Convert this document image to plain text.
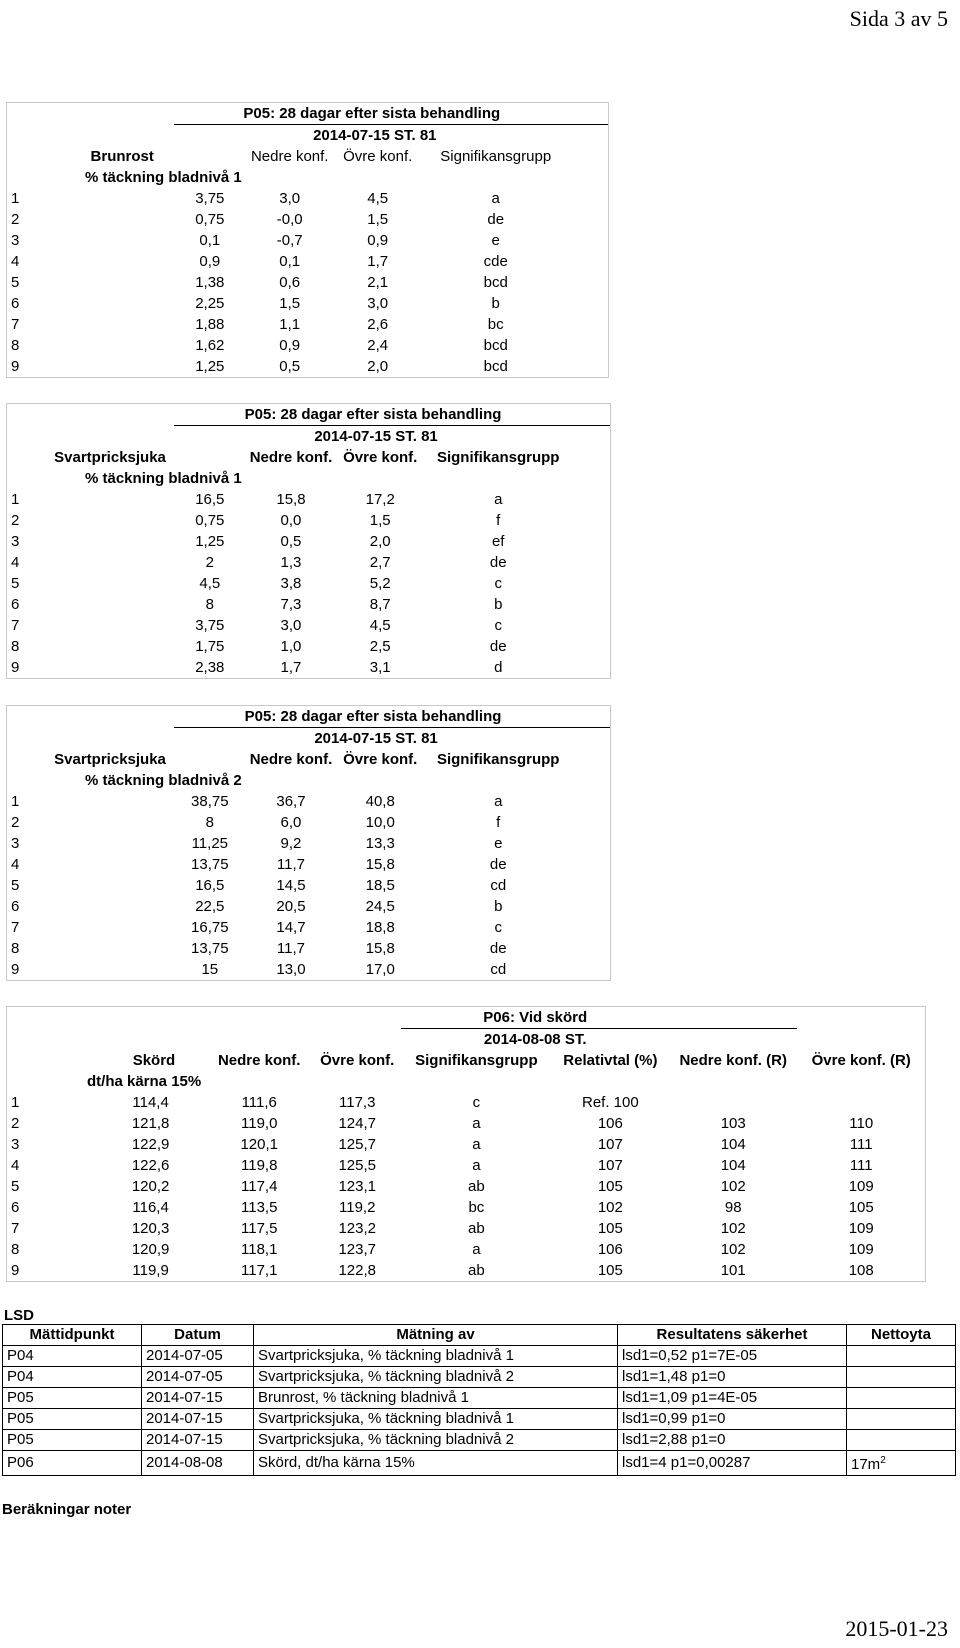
Sida 3 av 5
	P05: 28 dagar efter sista behandling				
	2014-07-15 ST. 81				
Brunrost		Nedre konf.	Övre konf.	Signifikansgrupp	
% täckning bladnivå 1					
1	3,75	3,0	4,5	a	
2	0,75	-0,0	1,5	de	
3	0,1	-0,7	0,9	e	
4	0,9	0,1	1,7	cde	
5	1,38	0,6	2,1	bcd	
6	2,25	1,5	3,0	b	
7	1,88	1,1	2,6	bc	
8	1,62	0,9	2,4	bcd	
9	1,25	0,5	2,0	bcd	
	P05: 28 dagar efter sista behandling				
	2014-07-15 ST. 81				
Svartpricksjuka		Nedre konf.	Övre konf.	Signifikansgrupp	
% täckning bladnivå 1					
1	16,5	15,8	17,2	a	
2	0,75	0,0	1,5	f	
3	1,25	0,5	2,0	ef	
4	2	1,3	2,7	de	
5	4,5	3,8	5,2	c	
6	8	7,3	8,7	b	
7	3,75	3,0	4,5	c	
8	1,75	1,0	2,5	de	
9	2,38	1,7	3,1	d	
	P05: 28 dagar efter sista behandling				
	2014-07-15 ST. 81				
Svartpricksjuka		Nedre konf.	Övre konf.	Signifikansgrupp	
% täckning bladnivå 2					
1	38,75	36,7	40,8	a	
2	8	6,0	10,0	f	
3	11,25	9,2	13,3	e	
4	13,75	11,7	15,8	de	
5	16,5	14,5	18,5	cd	
6	22,5	20,5	24,5	b	
7	16,75	14,7	18,8	c	
8	13,75	11,7	15,8	de	
9	15	13,0	17,0	cd	
				P06: Vid skörd			
				2014-08-08 ST.			
Skörd		Nedre konf.	Övre konf.	Signifikansgrupp	Relativtal (%)	Nedre konf. (R)	Övre konf. (R)
dt/ha kärna 15%							
1	114,4	111,6	117,3	c	Ref. 100		
2	121,8	119,0	124,7	a	106	103	110
3	122,9	120,1	125,7	a	107	104	111
4	122,6	119,8	125,5	a	107	104	111
5	120,2	117,4	123,1	ab	105	102	109
6	116,4	113,5	119,2	bc	102	98	105
7	120,3	117,5	123,2	ab	105	102	109
8	120,9	118,1	123,7	a	106	102	109
9	119,9	117,1	122,8	ab	105	101	108
LSD
Mättidpunkt	Datum	Mätning av	Resultatens säkerhet	Nettoyta
P04	2014-07-05	Svartpricksjuka, % täckning bladnivå 1	lsd1=0,52 p1=7E-05	
P04	2014-07-05	Svartpricksjuka, % täckning bladnivå 2	lsd1=1,48 p1=0	
P05	2014-07-15	Brunrost, % täckning bladnivå 1	lsd1=1,09 p1=4E-05	
P05	2014-07-15	Svartpricksjuka, % täckning bladnivå 1	lsd1=0,99 p1=0	
P05	2014-07-15	Svartpricksjuka, % täckning bladnivå 2	lsd1=2,88 p1=0	
P06	2014-08-08	Skörd, dt/ha kärna 15%	lsd1=4 p1=0,00287	$17m^2$
Beräkningar noter
2015-01-23
